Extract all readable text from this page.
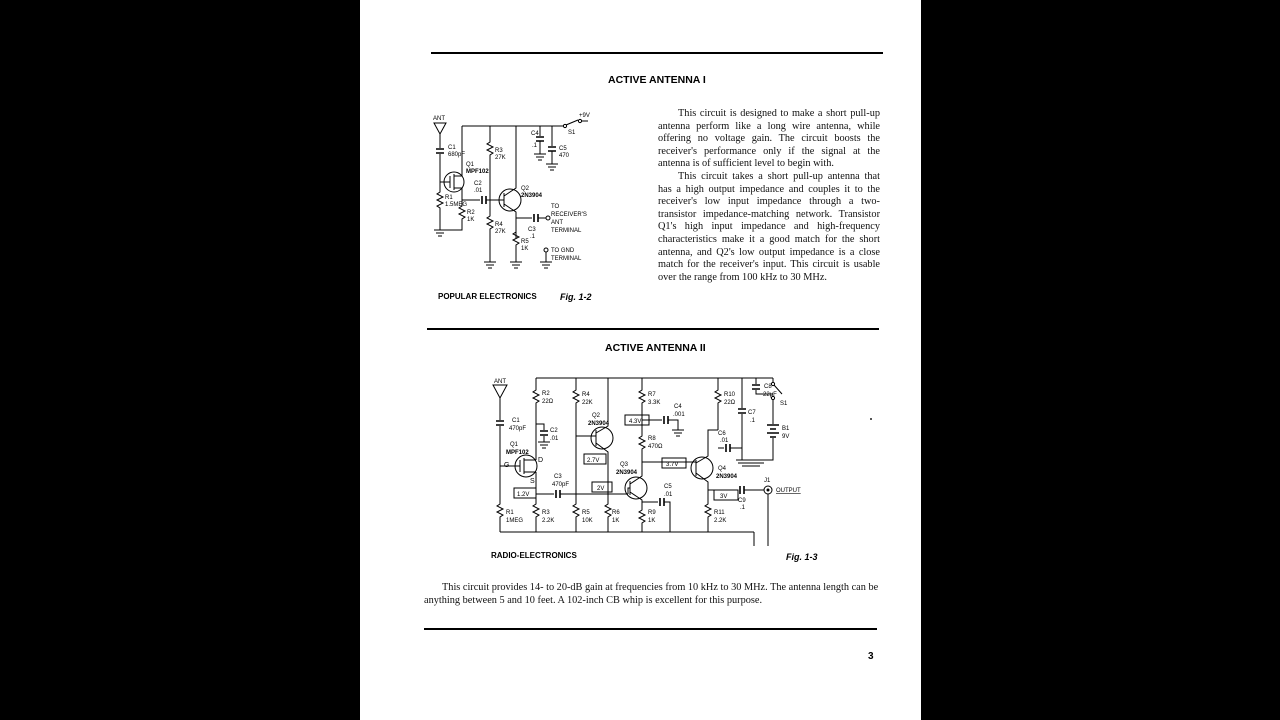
ACTIVE ANTENNA I
ANT
C1
680pF
Q1
MPF102
R1
1.5MEG
C2
.01
R2
1K
R3
27K
Q2
2N3904
R4
27K	C3
.1
TO
RECEIVER'S
ANT
TERMINAL
R5
1K	TO GND
TERMINAL
C4
.1	C5
470
S1
+9V
POPULAR ELECTRONICS	Fig. 1-2

This circuit is designed to make a short pull-up antenna perform like a long wire antenna, while offering no voltage gain. The circuit boosts the receiver's performance only if the signal at the antenna is of sufficient level to begin with.

This circuit takes a short pull-up antenna that has a high output impedance and couples it to the receiver's low input impedance through a two-transistor impedance-matching network. Transistor Q1's high input impedance and high-frequency characteristics make it a good match for the short antenna, and Q2's low output impedance is a close match for the receiver's input. This circuit is usable over the range from 100 kHz to 30 MHz.

ACTIVE ANTENNA II
ANT
C1
470pF
Q1
MPF102
G
D
S
R1
1MEG
R2
22Ω
C2
.01
C3
470pF
R3
2.2K
R4
22K
Q2
2N3904
R5
10K
R6
1K
Q3
2N3904
R7
3.3K
C4
.001
R8
470Ω
R9
1K
C5
.01
R10
22Ω
C6
.01
C7
.1
Q4
2N3904
R11
2.2K
C9
.1
J1
OUTPUT
C8
22μF
S1
B1
9V
4.3V
2.7V
3.7V
1.2V
2V
3V
RADIO-ELECTRONICS	Fig. 1-3

This circuit provides 14- to 20-dB gain at frequencies from 10 kHz to 30 MHz. The antenna length can be anything between 5 and 10 feet. A 102-inch CB whip is excellent for this purpose.

3
